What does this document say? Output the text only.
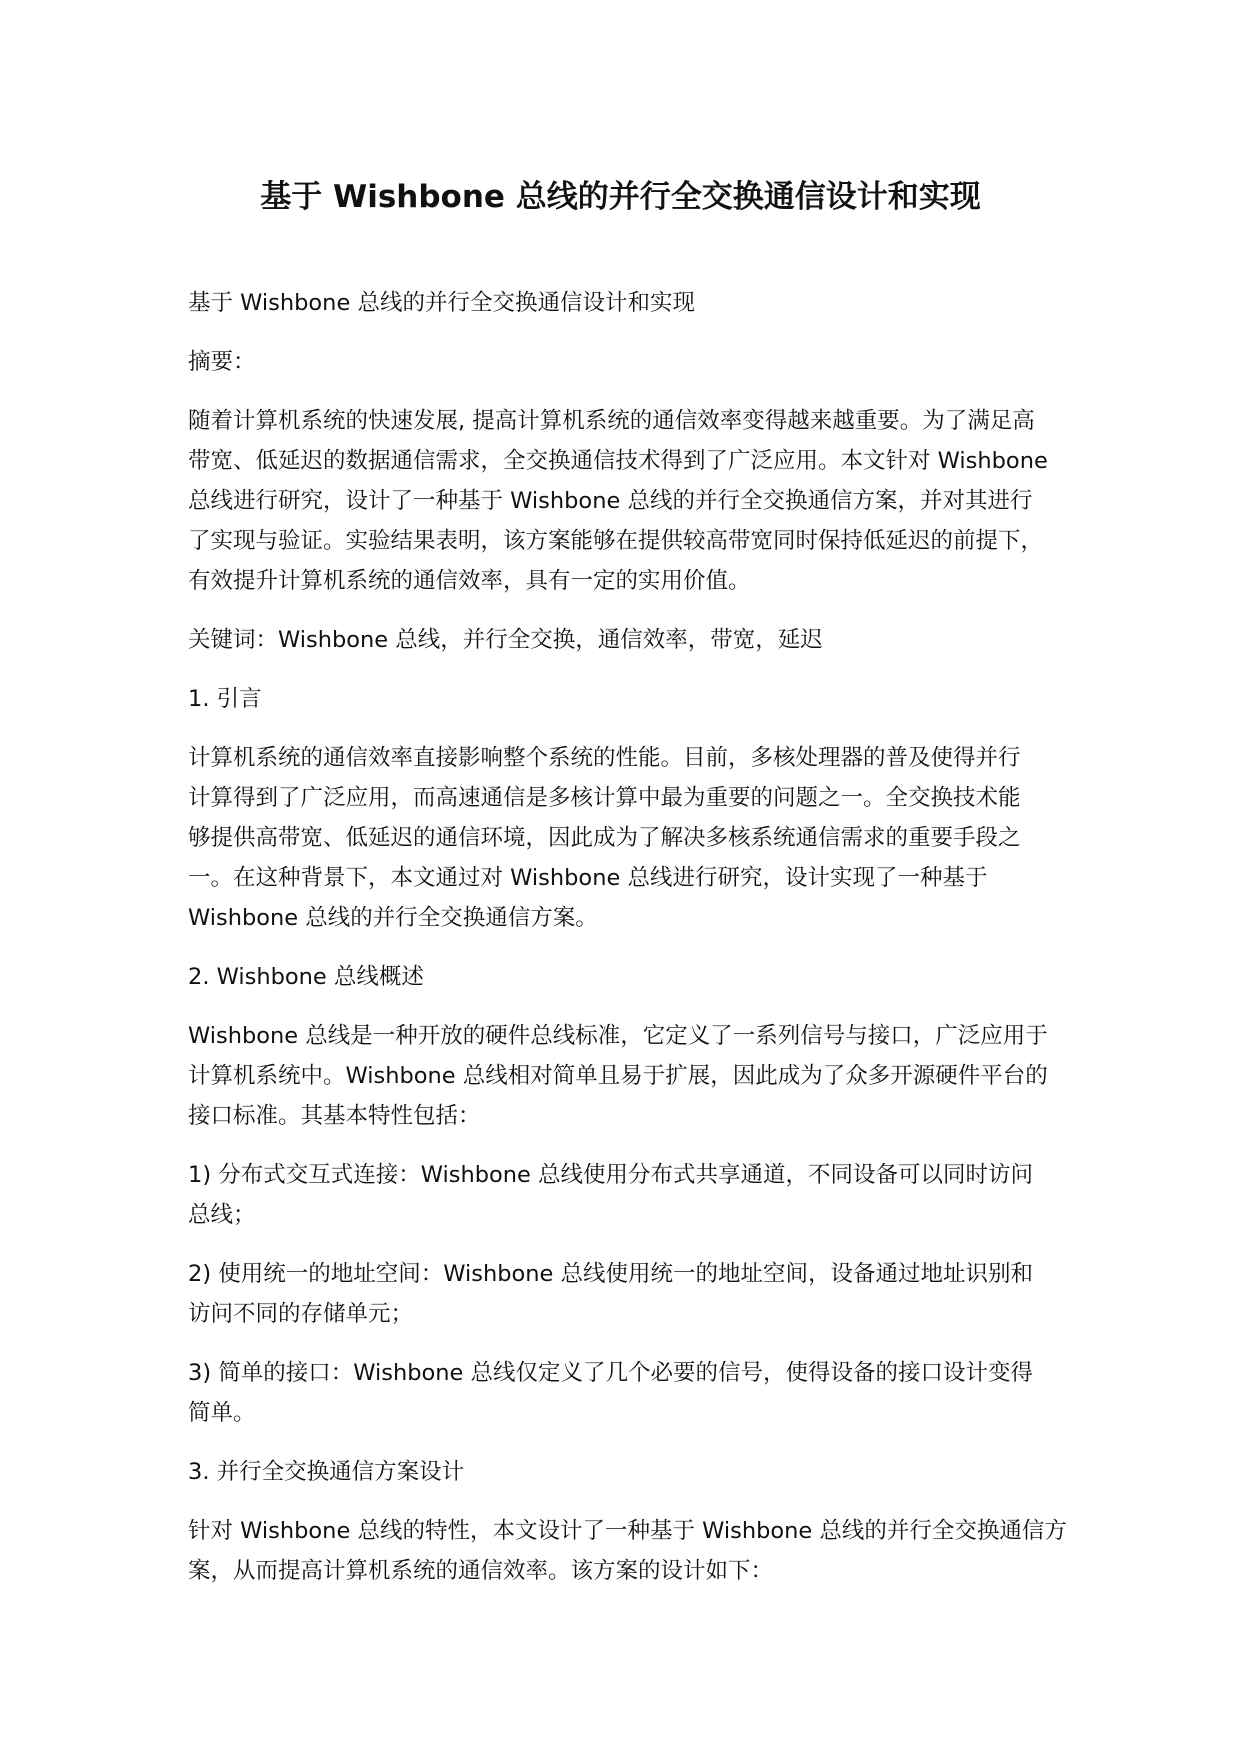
基于 Wishbone 总线的并行全交换通信设计和实现

基于 Wishbone 总线的并行全交换通信设计和实现

摘要：

随着计算机系统的快速发展, 提高计算机系统的通信效率变得越来越重要。为了满足高
带宽、低延迟的数据通信需求，全交换通信技术得到了广泛应用。本文针对 Wishbone
总线进行研究，设计了一种基于 Wishbone 总线的并行全交换通信方案，并对其进行
了实现与验证。实验结果表明，该方案能够在提供较高带宽同时保持低延迟的前提下，
有效提升计算机系统的通信效率，具有一定的实用价值。

关键词：Wishbone 总线，并行全交换，通信效率，带宽，延迟

1. 引言

计算机系统的通信效率直接影响整个系统的性能。目前，多核处理器的普及使得并行
计算得到了广泛应用，而高速通信是多核计算中最为重要的问题之一。全交换技术能
够提供高带宽、低延迟的通信环境，因此成为了解决多核系统通信需求的重要手段之
一。在这种背景下，本文通过对 Wishbone 总线进行研究，设计实现了一种基于
Wishbone 总线的并行全交换通信方案。

2. Wishbone 总线概述

Wishbone 总线是一种开放的硬件总线标准，它定义了一系列信号与接口，广泛应用于
计算机系统中。Wishbone 总线相对简单且易于扩展，因此成为了众多开源硬件平台的
接口标准。其基本特性包括：

1) 分布式交互式连接：Wishbone 总线使用分布式共享通道，不同设备可以同时访问
总线；

2) 使用统一的地址空间：Wishbone 总线使用统一的地址空间，设备通过地址识别和
访问不同的存储单元；

3) 简单的接口：Wishbone 总线仅定义了几个必要的信号，使得设备的接口设计变得
简单。

3. 并行全交换通信方案设计

针对 Wishbone 总线的特性，本文设计了一种基于 Wishbone 总线的并行全交换通信方
案，从而提高计算机系统的通信效率。该方案的设计如下：
